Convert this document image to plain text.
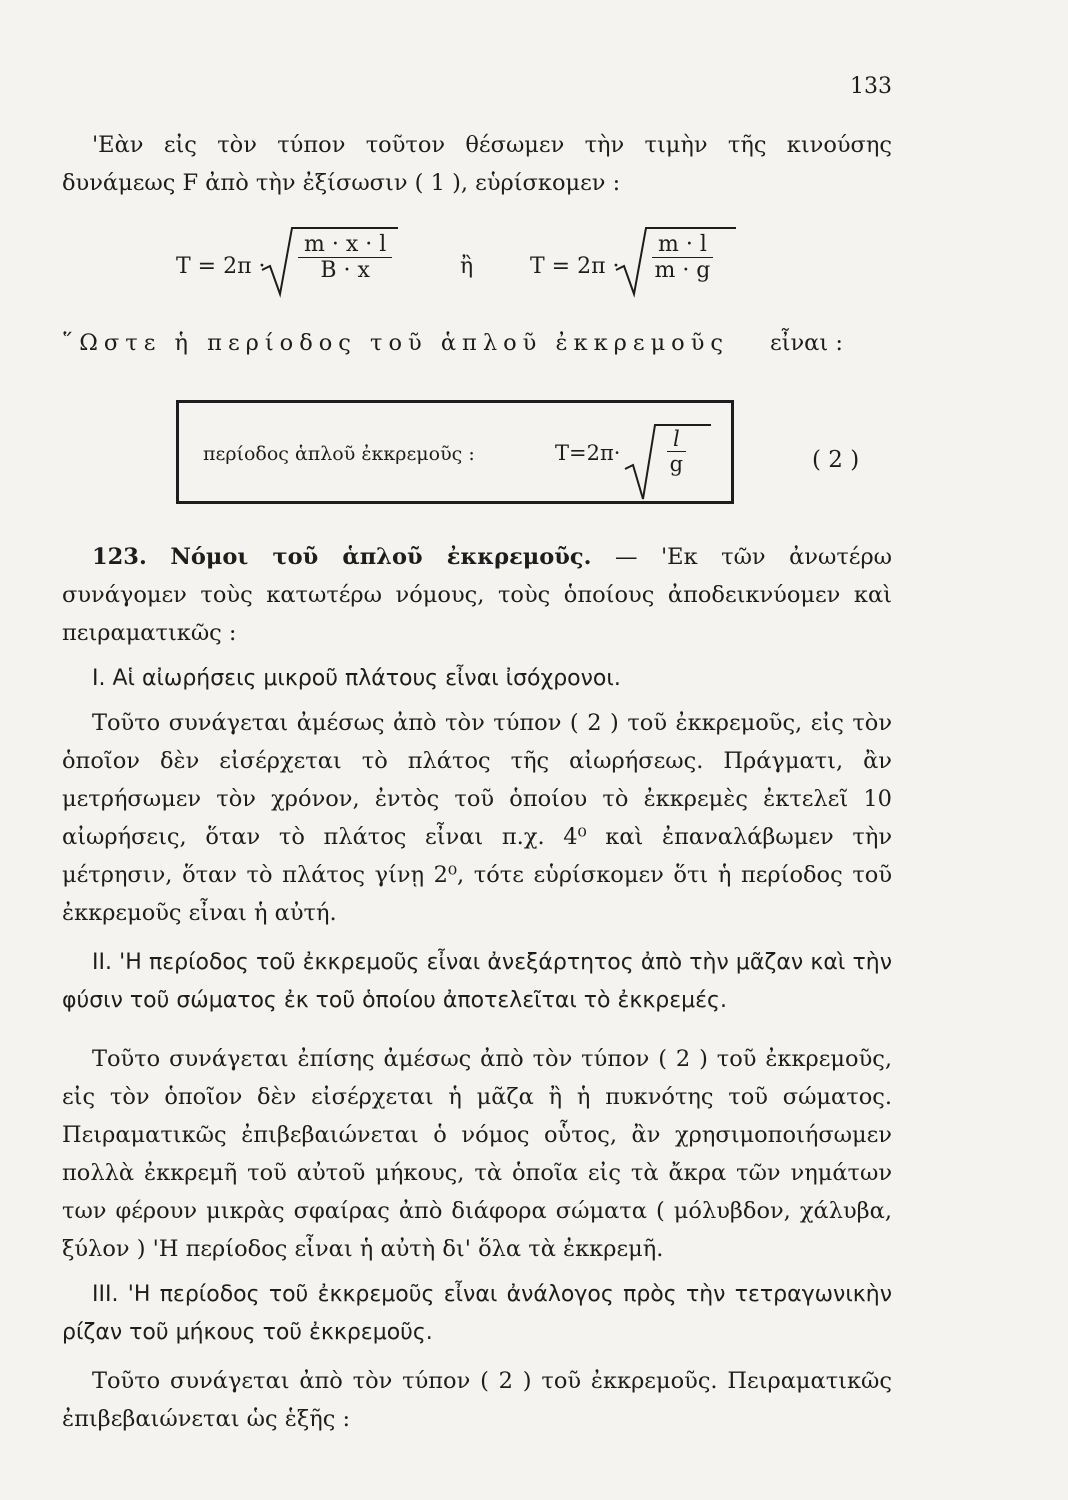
133

'Εὰν εἰς τὸν τύπον τοῦτον θέσωμεν τὴν τιμὴν τῆς κινούσης δυνάμεως F ἀπὸ τὴν ἐξίσωσιν ( 1 ), εὑρίσκομεν :

$T = 2\pi \cdot \frac{m \cdot x \cdot l}{B \cdot x}$	ἢ	$T = 2\pi \cdot \frac{m \cdot l}{m \cdot g}$
῞Ωστε ἡ περίοδος τοῦ ἁπλοῦ ἐκκρεμοῦς εἶναι :
περίοδος ἁπλοῦ ἐκκρεμοῦς :	$T=2\pi\cdot \frac{l}{g}$	( 2 )

123. Νόμοι τοῦ ἁπλοῦ ἐκκρεμοῦς. — 'Εκ τῶν ἀνωτέρω συνάγομεν τοὺς κατωτέρω νόμους, τοὺς ὁποίους ἀποδεικνύομεν καὶ πειραματικῶς :

I. Αἱ αἰωρήσεις μικροῦ πλάτους εἶναι ἰσόχρονοι.

Τοῦτο συνάγεται ἀμέσως ἀπὸ τὸν τύπον ( 2 ) τοῦ ἐκκρεμοῦς, εἰς τὸν ὁποῖον δὲν εἰσέρχεται τὸ πλάτος τῆς αἰωρήσεως. Πράγματι, ἂν μετρήσωμεν τὸν χρόνον, ἐντὸς τοῦ ὁποίου τὸ ἐκκρεμὲς ἐκτελεῖ 10 αἰωρήσεις, ὅταν τὸ πλάτος εἶναι π.χ. 4⁰ καὶ ἐπαναλάβωμεν τὴν μέτρησιν, ὅταν τὸ πλάτος γίνῃ 2⁰, τότε εὑρίσκομεν ὅτι ἡ περίοδος τοῦ ἐκκρεμοῦς εἶναι ἡ αὐτή.

II. 'Η περίοδος τοῦ ἐκκρεμοῦς εἶναι ἀνεξάρτητος ἀπὸ τὴν μᾶζαν καὶ τὴν φύσιν τοῦ σώματος ἐκ τοῦ ὁποίου ἀποτελεῖται τὸ ἐκκρεμές.

Τοῦτο συνάγεται ἐπίσης ἀμέσως ἀπὸ τὸν τύπον ( 2 ) τοῦ ἐκκρεμοῦς, εἰς τὸν ὁποῖον δὲν εἰσέρχεται ἡ μᾶζα ἢ ἡ πυκνότης τοῦ σώματος. Πειραματικῶς ἐπιβεβαιώνεται ὁ νόμος οὗτος, ἂν χρησιμοποιήσωμεν πολλὰ ἐκκρεμῆ τοῦ αὐτοῦ μήκους, τὰ ὁποῖα εἰς τὰ ἄκρα τῶν νημάτων των φέρουν μικρὰς σφαίρας ἀπὸ διάφορα σώματα ( μόλυβδον, χάλυβα, ξύλον ) 'Η περίοδος εἶναι ἡ αὐτὴ δι' ὅλα τὰ ἐκκρεμῆ.

III. 'Η περίοδος τοῦ ἐκκρεμοῦς εἶναι ἀνάλογος πρὸς τὴν τετραγωνικὴν ρίζαν τοῦ μήκους τοῦ ἐκκρεμοῦς.

Τοῦτο συνάγεται ἀπὸ τὸν τύπον ( 2 ) τοῦ ἐκκρεμοῦς. Πειραματικῶς ἐπιβεβαιώνεται ὡς ἑξῆς :
